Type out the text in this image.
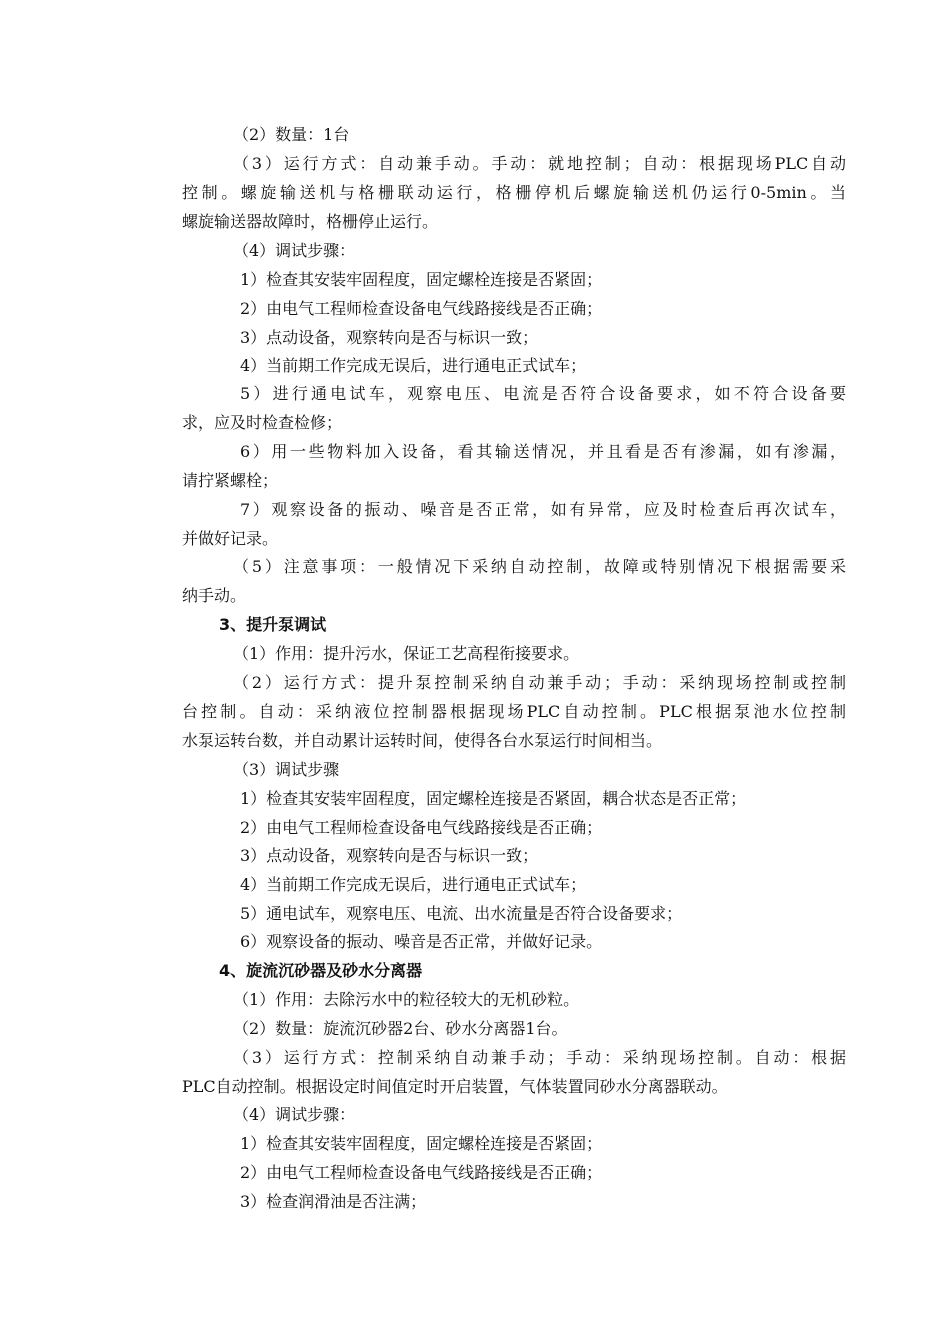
（2）数量：1台
（3）运行方式：自动兼手动。手动：就地控制；自动：根据现场PLC自动
控制。螺旋输送机与格栅联动运行，格栅停机后螺旋输送机仍运行0-5min。当
螺旋输送器故障时，格栅停止运行。
（4）调试步骤：
1）检查其安装牢固程度，固定螺栓连接是否紧固；
2）由电气工程师检查设备电气线路接线是否正确；
3）点动设备，观察转向是否与标识一致；
4）当前期工作完成无误后，进行通电正式试车；
5）进行通电试车，观察电压、电流是否符合设备要求，如不符合设备要
求，应及时检查检修；
6）用一些物料加入设备，看其输送情况，并且看是否有渗漏，如有渗漏，
请拧紧螺栓；
7）观察设备的振动、噪音是否正常，如有异常，应及时检查后再次试车，
并做好记录。
（5）注意事项：一般情况下采纳自动控制，故障或特别情况下根据需要采
纳手动。
3、提升泵调试
（1）作用：提升污水，保证工艺高程衔接要求。
（2）运行方式：提升泵控制采纳自动兼手动；手动：采纳现场控制或控制
台控制。自动：采纳液位控制器根据现场PLC自动控制。PLC根据泵池水位控制
水泵运转台数，并自动累计运转时间，使得各台水泵运行时间相当。
（3）调试步骤
1）检查其安装牢固程度，固定螺栓连接是否紧固，耦合状态是否正常；
2）由电气工程师检查设备电气线路接线是否正确；
3）点动设备，观察转向是否与标识一致；
4）当前期工作完成无误后，进行通电正式试车；
5）通电试车，观察电压、电流、出水流量是否符合设备要求；
6）观察设备的振动、噪音是否正常，并做好记录。
4、旋流沉砂器及砂水分离器
（1）作用：去除污水中的粒径较大的无机砂粒。
（2）数量：旋流沉砂器2台、砂水分离器1台。
（3）运行方式：控制采纳自动兼手动；手动：采纳现场控制。自动：根据
PLC自动控制。根据设定时间值定时开启装置，气体装置同砂水分离器联动。
（4）调试步骤：
1）检查其安装牢固程度，固定螺栓连接是否紧固；
2）由电气工程师检查设备电气线路接线是否正确；
3）检查润滑油是否注满；
